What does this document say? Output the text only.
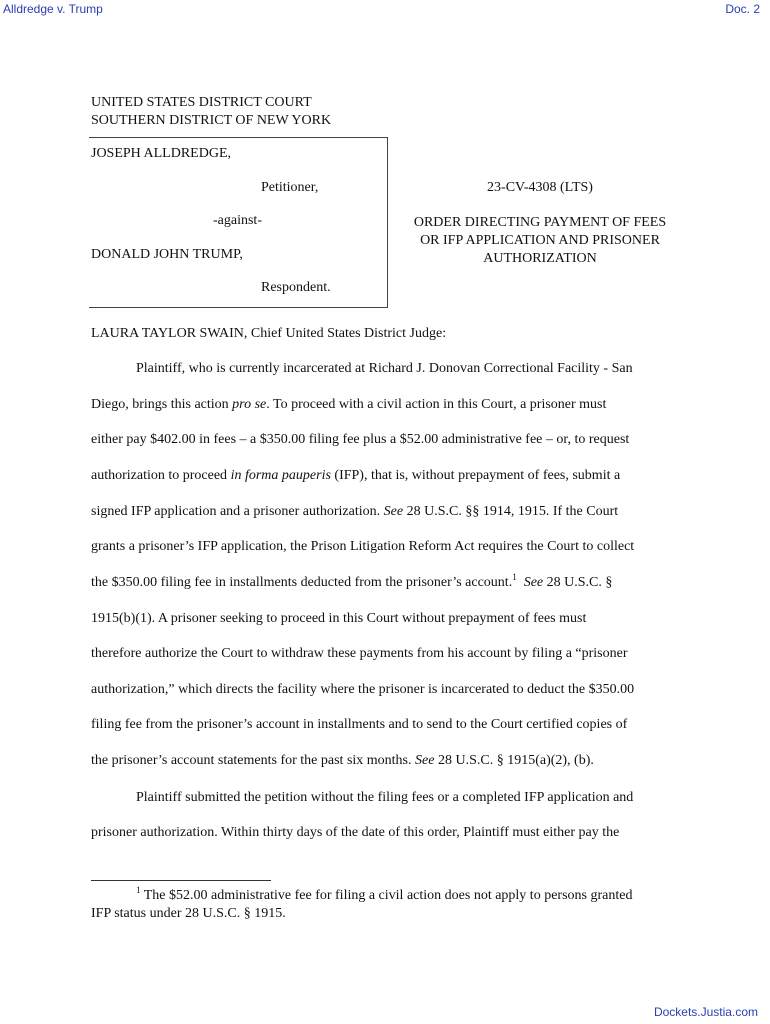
Alldredge v. Trump	Doc. 2
UNITED STATES DISTRICT COURT
SOUTHERN DISTRICT OF NEW YORK
JOSEPH ALLDREDGE,
Petitioner,
-against-
DONALD JOHN TRUMP,
Respondent.
23-CV-4308 (LTS)
ORDER DIRECTING PAYMENT OF FEES
OR IFP APPLICATION AND PRISONER
AUTHORIZATION
LAURA TAYLOR SWAIN, Chief United States District Judge:
Plaintiff, who is currently incarcerated at Richard J. Donovan Correctional Facility - San
Diego, brings this action pro se. To proceed with a civil action in this Court, a prisoner must
either pay $402.00 in fees – a $350.00 filing fee plus a $52.00 administrative fee – or, to request
authorization to proceed in forma pauperis (IFP), that is, without prepayment of fees, submit a
signed IFP application and a prisoner authorization. See 28 U.S.C. §§ 1914, 1915. If the Court
grants a prisoner’s IFP application, the Prison Litigation Reform Act requires the Court to collect
the $350.00 filing fee in installments deducted from the prisoner’s account.$^1$ See 28 U.S.C. §
1915(b)(1). A prisoner seeking to proceed in this Court without prepayment of fees must
therefore authorize the Court to withdraw these payments from his account by filing a “prisoner
authorization,” which directs the facility where the prisoner is incarcerated to deduct the $350.00
filing fee from the prisoner’s account in installments and to send to the Court certified copies of
the prisoner’s account statements for the past six months. See 28 U.S.C. § 1915(a)(2), (b).
Plaintiff submitted the petition without the filing fees or a completed IFP application and
prisoner authorization. Within thirty days of the date of this order, Plaintiff must either pay the
$^1$ The $52.00 administrative fee for filing a civil action does not apply to persons granted
IFP status under 28 U.S.C. § 1915.
Dockets.Justia.com
